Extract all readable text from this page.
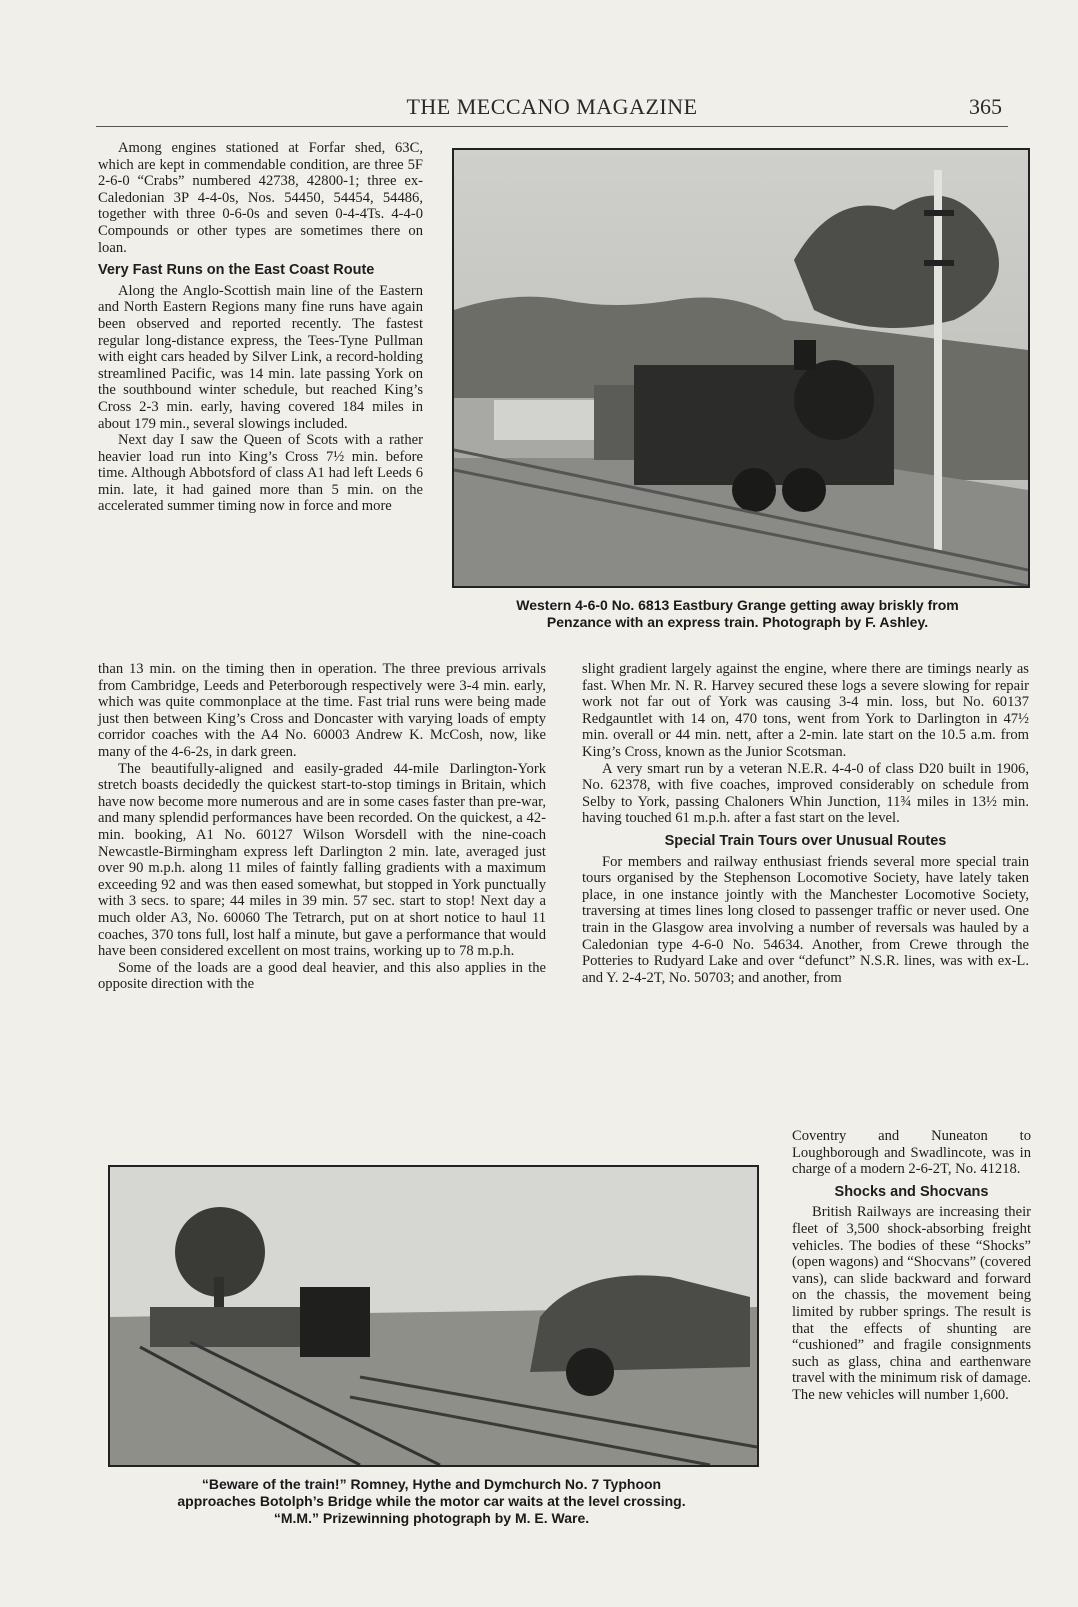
THE MECCANO MAGAZINE	365

Among engines stationed at Forfar shed, 63C, which are kept in commendable condition, are three 5F 2-6-0 “Crabs” numbered 42738, 42800-1; three ex-Caledonian 3P 4-4-0s, Nos. 54450, 54454, 54486, together with three 0-6-0s and seven 0-4-4Ts. 4-4-0 Compounds or other types are sometimes there on loan.

Very Fast Runs on the East Coast Route

Along the Anglo-Scottish main line of the Eastern and North Eastern Regions many fine runs have again been observed and reported recently. The fastest regular long-distance express, the Tees-Tyne Pullman with eight cars headed by Silver Link, a record-holding streamlined Pacific, was 14 min. late passing York on the southbound winter schedule, but reached King’s Cross 2-3 min. early, having covered 184 miles in about 179 min., several slowings included.

Next day I saw the Queen of Scots with a rather heavier load run into King’s Cross 7½ min. before time. Although Abbotsford of class A1 had left Leeds 6 min. late, it had gained more than 5 min. on the accelerated summer timing now in force and more

Western 4-6-0 No. 6813 Eastbury Grange getting away briskly from
Penzance with an express train. Photograph by F. Ashley.

than 13 min. on the timing then in operation. The three previous arrivals from Cambridge, Leeds and Peterborough respectively were 3-4 min. early, which was quite commonplace at the time. Fast trial runs were being made just then between King’s Cross and Doncaster with varying loads of empty corridor coaches with the A4 No. 60003 Andrew K. McCosh, now, like many of the 4-6-2s, in dark green.

The beautifully-aligned and easily-graded 44-mile Darlington-York stretch boasts decidedly the quickest start-to-stop timings in Britain, which have now become more numerous and are in some cases faster than pre-war, and many splendid performances have been recorded. On the quickest, a 42-min. booking, A1 No. 60127 Wilson Worsdell with the nine-coach Newcastle-Birmingham express left Darlington 2 min. late, averaged just over 90 m.p.h. along 11 miles of faintly falling gradients with a maximum exceeding 92 and was then eased somewhat, but stopped in York punctually with 3 secs. to spare; 44 miles in 39 min. 57 sec. start to stop! Next day a much older A3, No. 60060 The Tetrarch, put on at short notice to haul 11 coaches, 370 tons full, lost half a minute, but gave a performance that would have been considered excellent on most trains, working up to 78 m.p.h.

Some of the loads are a good deal heavier, and this also applies in the opposite direction with the

slight gradient largely against the engine, where there are timings nearly as fast. When Mr. N. R. Harvey secured these logs a severe slowing for repair work not far out of York was causing 3-4 min. loss, but No. 60137 Redgauntlet with 14 on, 470 tons, went from York to Darlington in 47½ min. overall or 44 min. nett, after a 2-min. late start on the 10.5 a.m. from King’s Cross, known as the Junior Scotsman.

A very smart run by a veteran N.E.R. 4-4-0 of class D20 built in 1906, No. 62378, with five coaches, improved considerably on schedule from Selby to York, passing Chaloners Whin Junction, 11¾ miles in 13½ min. having touched 61 m.p.h. after a fast start on the level.

Special Train Tours over Unusual Routes

For members and railway enthusiast friends several more special train tours organised by the Stephenson Locomotive Society, have lately taken place, in one instance jointly with the Manchester Locomotive Society, traversing at times lines long closed to passenger traffic or never used. One train in the Glasgow area involving a number of reversals was hauled by a Caledonian type 4-6-0 No. 54634. Another, from Crewe through the Potteries to Rudyard Lake and over “defunct” N.S.R. lines, was with ex-L. and Y. 2-4-2T, No. 50703; and another, from

Coventry and Nuneaton to Loughborough and Swadlincote, was in charge of a modern 2-6-2T, No. 41218.

Shocks and Shocvans

British Railways are increasing their fleet of 3,500 shock-absorbing freight vehicles. The bodies of these “Shocks” (open wagons) and “Shocvans” (covered vans), can slide backward and forward on the chassis, the movement being limited by rubber springs. The result is that the effects of shunting are “cushioned” and fragile consignments such as glass, china and earthenware travel with the minimum risk of damage. The new vehicles will number 1,600.

“Beware of the train!” Romney, Hythe and Dymchurch No. 7 Typhoon
approaches Botolph’s Bridge while the motor car waits at the level crossing.
“M.M.” Prizewinning photograph by M. E. Ware.
